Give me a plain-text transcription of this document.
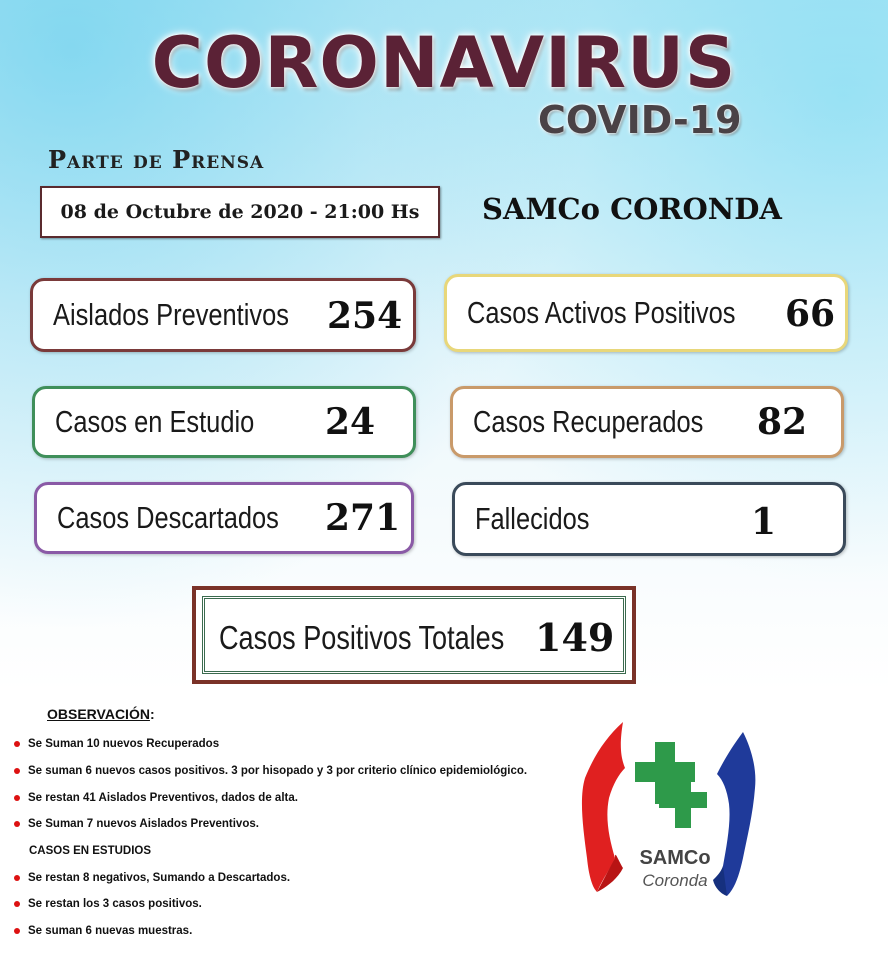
CORONAVIRUS
COVID-19
Parte de Prensa
08 de Octubre de 2020 - 21:00 Hs SAMCo CORONDA
Aislados Preventivos 254 Casos Activos Positivos 66
Casos en Estudio 24	Casos Recuperados 82
Casos Descartados 271 Fallecidos	1
Casos Positivos Totales 149
OBSERVACIÓN:
Se Suman 10 nuevos Recuperados
Se suman 6 nuevos casos positivos. 3 por hisopado y 3 por criterio clínico epidemiológico.
Se restan 41 Aislados Preventivos, dados de alta.
Se Suman 7 nuevos Aislados Preventivos.
CASOS EN ESTUDIOS
Se restan 8 negativos, Sumando a Descartados.
Se restan los 3 casos positivos.
Se suman 6 nuevas muestras.
SAMCo
Coronda
